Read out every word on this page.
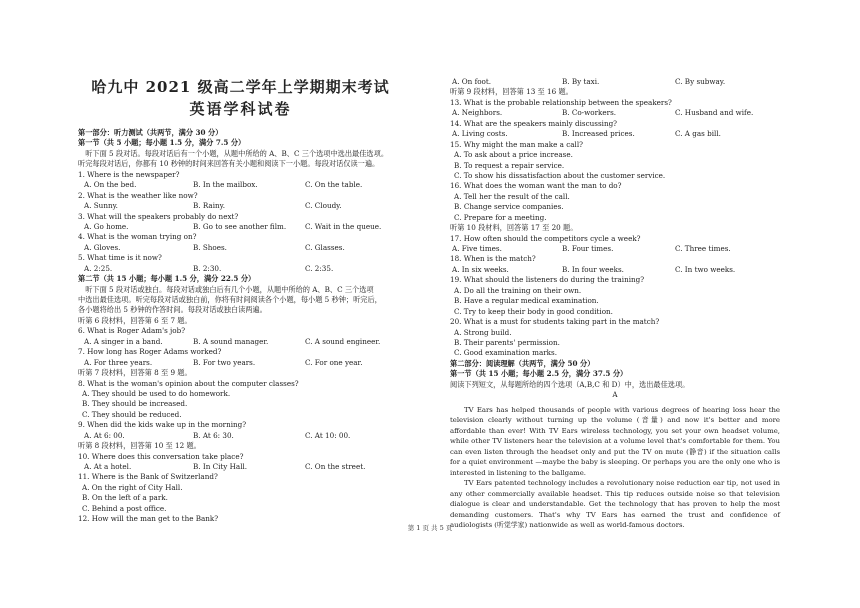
哈九中 2021 级高二学年上学期期末考试
英语学科试卷
第一部分：听力测试（共两节，满分 30 分）
第一节（共 5 小题；每小题 1.5 分，满分 7.5 分）
　听下面 5 段对话。每段对话后有一个小题，从题中所给的 A、B、C 三个选项中选出最佳选项。
听完每段对话后，你都有 10 秒钟的时间来回答有关小题和阅读下一小题。每段对话仅读一遍。
1. Where is the newspaper?
A. On the bed.	B. In the mailbox.	C. On the table.
2. What is the weather like now?
A. Sunny.	B. Rainy.	C. Cloudy.
3. What will the speakers probably do next?
A. Go home.	B. Go to see another film.	C. Wait in the queue.
4. What is the woman trying on?
A. Gloves.	B. Shoes.	C. Glasses.
5. What time is it now?
A. 2:25.	B. 2:30.	C. 2:35.
第二节（共 15 小题；每小题 1.5 分，满分 22.5 分）
　听下面 5 段对话或独白。每段对话或独白后有几个小题，从题中所给的 A、B、C 三个选项
中选出最佳选项。听完每段对话或独白前，你将有时间阅读各个小题，每小题 5 秒钟；听完后，
各小题将给出 5 秒钟的作答时间。每段对话或独白读两遍。
听第 6 段材料，回答第 6 至 7 题。
6. What is Roger Adam's job?
A. A singer in a band.	B. A sound manager.	C. A sound engineer.
7. How long has Roger Adams worked?
A. For three years.	B. For two years.	C. For one year.
听第 7 段材料，回答第 8 至 9 题。
8. What is the woman's opinion about the computer classes?
A. They should be used to do homework.
B. They should be increased.
C. They should be reduced.
9. When did the kids wake up in the morning?
A. At 6: 00.	B. At 6: 30.	C. At 10: 00.
听第 8 段材料，回答第 10 至 12 题。
10. Where does this conversation take place?
A. At a hotel.	B. In City Hall.	C. On the street.
11. Where is the Bank of Switzerland?
A. On the right of City Hall.
B. On the left of a park.
C. Behind a post office.
12. How will the man get to the Bank?
A. On foot.	B. By taxi.	C. By subway.
听第 9 段材料，回答第 13 至 16 题。
13. What is the probable relationship between the speakers?
A. Neighbors.	B. Co-workers.	C. Husband and wife.
14. What are the speakers mainly discussing?
A. Living costs.	B. Increased prices.	C. A gas bill.
15. Why might the man make a call?
A. To ask about a price increase.
B. To request a repair service.
C. To show his dissatisfaction about the customer service.
16. What does the woman want the man to do?
A. Tell her the result of the call.
B. Change service companies.
C. Prepare for a meeting.
听第 10 段材料，回答第 17 至 20 题。
17. How often should the competitors cycle a week?
A. Five times.	B. Four times.	C. Three times.
18. When is the match?
A. In six weeks.	B. In four weeks.	C. In two weeks.
19. What should the listeners do during the training?
A. Do all the training on their own.
B. Have a regular medical examination.
C. Try to keep their body in good condition.
20. What is a must for students taking part in the match?
A. Strong build.
B. Their parents' permission.
C. Good examination marks.
第二部分：阅读理解（共两节，满分 50 分）
第一节（共 15 小题；每小题 2.5 分，满分 37.5 分）
阅读下列短文，从每题所给的四个选项（A,B,C 和 D）中，选出最佳选项。
A

TV Ears has helped thousands of people with various degrees of hearing loss hear the television clearly without turning up the volume (音量) and now it's better and more affordable than ever! With TV Ears wireless technology, you set your own headset volume, while other TV listeners hear the television at a volume level that's comfortable for them. You can even listen through the headset only and put the TV on mute (静音) if the situation calls for a quiet environment —maybe the baby is sleeping. Or perhaps you are the only one who is interested in listening to the ballgame.

TV Ears patented technology includes a revolutionary noise reduction ear tip, not used in any other commercially available headset. This tip reduces outside noise so that television dialogue is clear and understandable. Get the technology that has proven to help the most demanding customers. That's why TV Ears has earned the trust and confidence of audiologists (听觉学家) nationwide as well as world-famous doctors.

第 1 页 共 5 页
